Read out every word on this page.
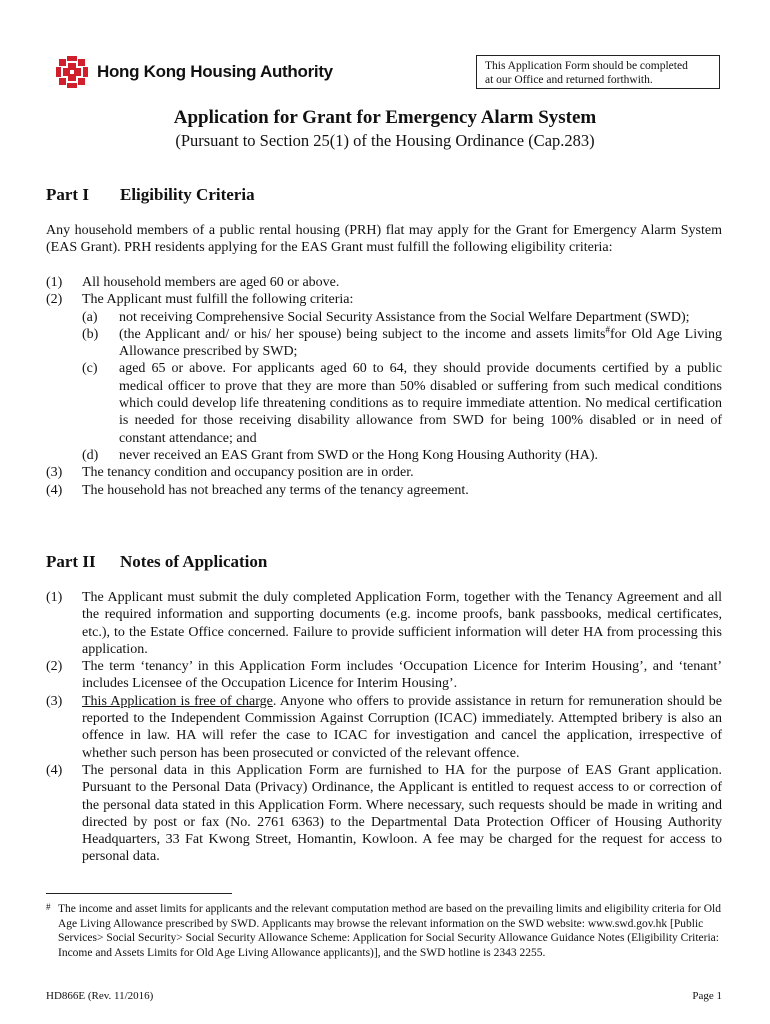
Hong Kong Housing Authority	This Application Form should be completed
at our Office and returned forthwith.
Application for Grant for Emergency Alarm System
(Pursuant to Section 25(1) of the Housing Ordinance (Cap.283)
Part I Eligibility Criteria
Any household members of a public rental housing (PRH) flat may apply for the Grant for Emergency Alarm System (EAS Grant). PRH residents applying for the EAS Grant must fulfill the following eligibility criteria:
(1) All household members are aged 60 or above.
(2) The Applicant must fulfill the following criteria:
(a) not receiving Comprehensive Social Security Assistance from the Social Welfare Department (SWD);
(b) (the Applicant and/ or his/ her spouse) being subject to the income and assets limits#for Old Age Living Allowance prescribed by SWD;
(c) aged 65 or above. For applicants aged 60 to 64, they should provide documents certified by a public medical officer to prove that they are more than 50% disabled or suffering from such medical conditions which could develop life threatening conditions as to require immediate attention. No medical certification is needed for those receiving disability allowance from SWD for being 100% disabled or in need of constant attendance; and
(d) never received an EAS Grant from SWD or the Hong Kong Housing Authority (HA).
(3) The tenancy condition and occupancy position are in order.
(4) The household has not breached any terms of the tenancy agreement.
Part II Notes of Application
(1) The Applicant must submit the duly completed Application Form, together with the Tenancy Agreement and all the required information and supporting documents (e.g. income proofs, bank passbooks, medical certificates, etc.), to the Estate Office concerned. Failure to provide sufficient information will deter HA from processing this application.
(2) The term ‘tenancy’ in this Application Form includes ‘Occupation Licence for Interim Housing’, and ‘tenant’ includes Licensee of the Occupation Licence for Interim Housing’.
(3) This Application is free of charge. Anyone who offers to provide assistance in return for remuneration should be reported to the Independent Commission Against Corruption (ICAC) immediately. Attempted bribery is also an offence in law. HA will refer the case to ICAC for investigation and cancel the application, irrespective of whether such person has been prosecuted or convicted of the relevant offence.
(4) The personal data in this Application Form are furnished to HA for the purpose of EAS Grant application. Pursuant to the Personal Data (Privacy) Ordinance, the Applicant is entitled to request access to or correction of the personal data stated in this Application Form. Where necessary, such requests should be made in writing and directed by post or fax (No. 2761 6363) to the Departmental Data Protection Officer of Housing Authority Headquarters, 33 Fat Kwong Street, Homantin, Kowloon. A fee may be charged for the request for access to personal data.
# The income and asset limits for applicants and the relevant computation method are based on the prevailing limits and eligibility criteria for Old Age Living Allowance prescribed by SWD. Applicants may browse the relevant information on the SWD website: www.swd.gov.hk [Public Services> Social Security> Social Security Allowance Scheme: Application for Social Security Allowance Guidance Notes (Eligibility Criteria: Income and Assets Limits for Old Age Living Allowance applicants)], and the SWD hotline is 2343 2255.
HD866E (Rev. 11/2016)	Page 1
